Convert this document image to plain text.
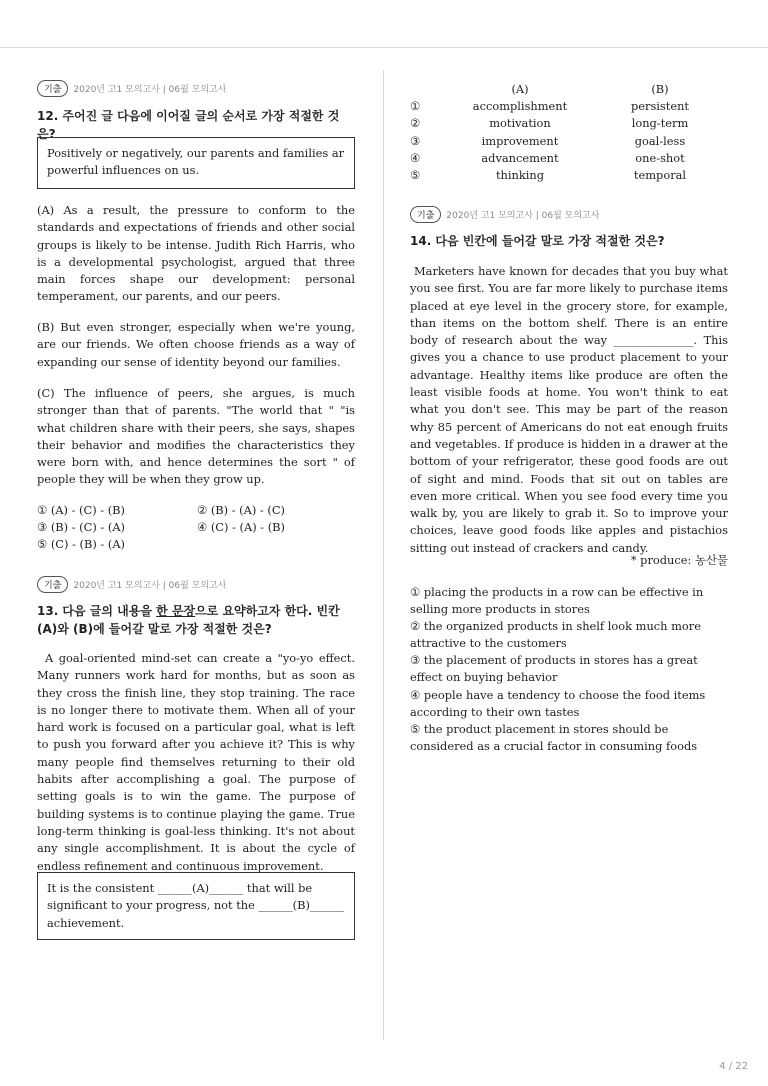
기출	2020년 고1 모의고사 | 06월 모의고사
12. 주어진 글 다음에 이어질 글의 순서로 가장 적절한 것은?
Positively or negatively, our parents and families ar powerful influences on us.

(A) As a result, the pressure to conform to the standards and expectations of friends and other social groups is likely to be intense. Judith Rich Harris, who is a developmental psychologist, argued that three main forces shape our development: personal temperament, our parents, and our peers.

(B) But even stronger, especially when we're young, are our friends. We often choose friends as a way of expanding our sense of identity beyond our families.

(C) The influence of peers, she argues, is much stronger than that of parents. "The world that " "is what children share with their peers, she says, shapes their behavior and modifies the characteristics they were born with, and hence determines the sort " of people they will be when they grow up.

① (A) - (C) - (B)	② (B) - (A) - (C)
③ (B) - (C) - (A)	④ (C) - (A) - (B)
⑤ (C) - (B) - (A)
기출	2020년 고1 모의고사 | 06월 모의고사
13. 다음 글의 내용을 한 문장으로 요약하고자 한다. 빈칸 (A)와 (B)에 들어갈 말로 가장 적절한 것은?

A goal-oriented mind-set can create a "yo-yo effect. Many runners work hard for months, but as soon as they cross the finish line, they stop training. The race is no longer there to motivate them. When all of your hard work is focused on a particular goal, what is left to push you forward after you achieve it? This is why many people find themselves returning to their old habits after accomplishing a goal. The purpose of setting goals is to win the game. The purpose of building systems is to continue playing the game. True long-term thinking is goal-less thinking. It's not about any single accomplishment. It is about the cycle of endless refinement and continuous improvement.

It is the consistent ______(A)______ that will be significant to your progress, not the ______(B)______ achievement.
	(A)	(B)
①	accomplishment	persistent
②	motivation	long-term
③	improvement	goal-less
④	advancement	one-shot
⑤	thinking	temporal
기출	2020년 고1 모의고사 | 06월 모의고사
14. 다음 빈칸에 들어갈 말로 가장 적절한 것은?

Marketers have known for decades that you buy what you see first. You are far more likely to purchase items placed at eye level in the grocery store, for example, than items on the bottom shelf. There is an entire body of research about the way ______________. This gives you a chance to use product placement to your advantage. Healthy items like produce are often the least visible foods at home. You won't think to eat what you don't see. This may be part of the reason why 85 percent of Americans do not eat enough fruits and vegetables. If produce is hidden in a drawer at the bottom of your refrigerator, these good foods are out of sight and mind. Foods that sit out on tables are even more critical. When you see food every time you walk by, you are likely to grab it. So to improve your choices, leave good foods like apples and pistachios sitting out instead of crackers and candy.

* produce: 농산물
① placing the products in a row can be effective in selling more products in stores
② the organized products in shelf look much more attractive to the customers
③ the placement of products in stores has a great effect on buying behavior
④ people have a tendency to choose the food items according to their own tastes
⑤ the product placement in stores should be considered as a crucial factor in consuming foods
4 / 22
